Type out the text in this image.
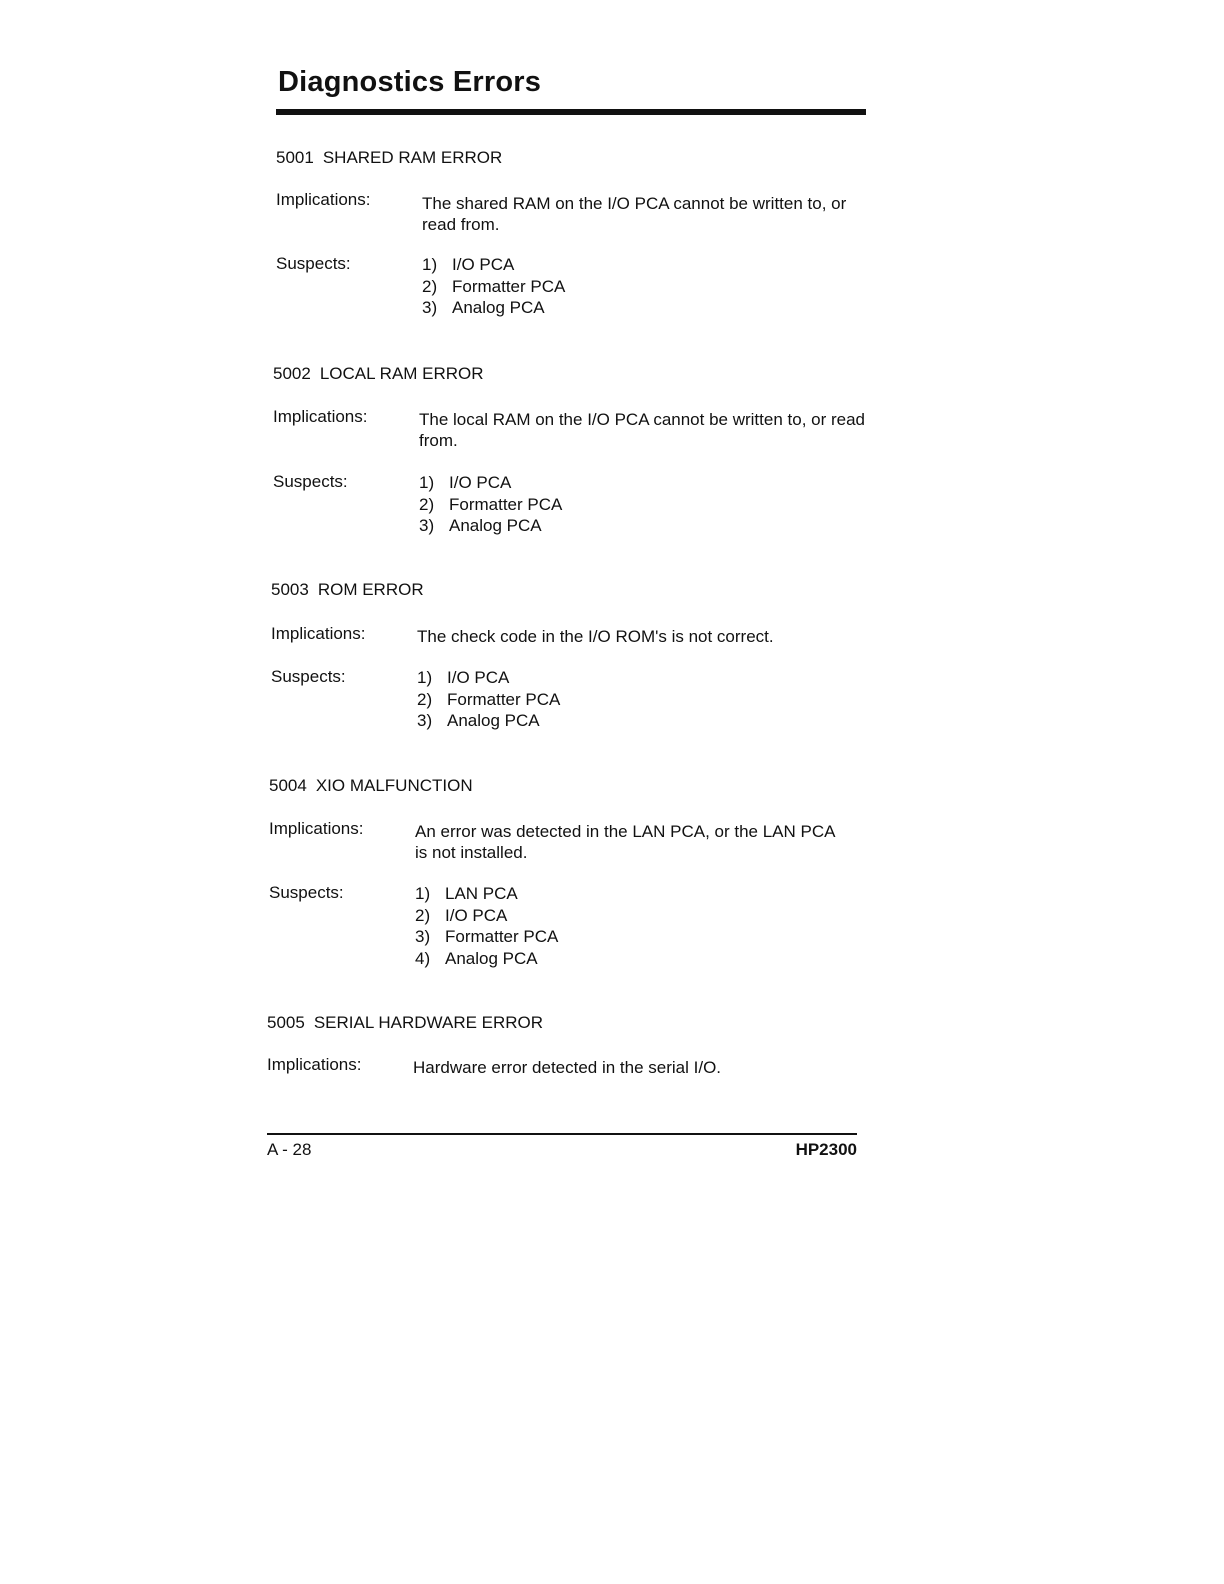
Diagnostics Errors
5001 SHARED RAM ERROR
Implications:	The shared RAM on the I/O PCA cannot be written to, or read from.
Suspects:	1) I/O PCA
2) Formatter PCA
3) Analog PCA
5002 LOCAL RAM ERROR
Implications:	The local RAM on the I/O PCA cannot be written to, or read from.
Suspects:	1) I/O PCA
2) Formatter PCA
3) Analog PCA
5003 ROM ERROR
Implications:	The check code in the I/O ROM's is not correct.
Suspects:	1) I/O PCA
2) Formatter PCA
3) Analog PCA
5004 XIO MALFUNCTION
Implications:	An error was detected in the LAN PCA, or the LAN PCA is not installed.
Suspects:	1) LAN PCA
2) I/O PCA
3) Formatter PCA
4) Analog PCA
5005 SERIAL HARDWARE ERROR
Implications:	Hardware error detected in the serial I/O.
A - 28	HP2300
